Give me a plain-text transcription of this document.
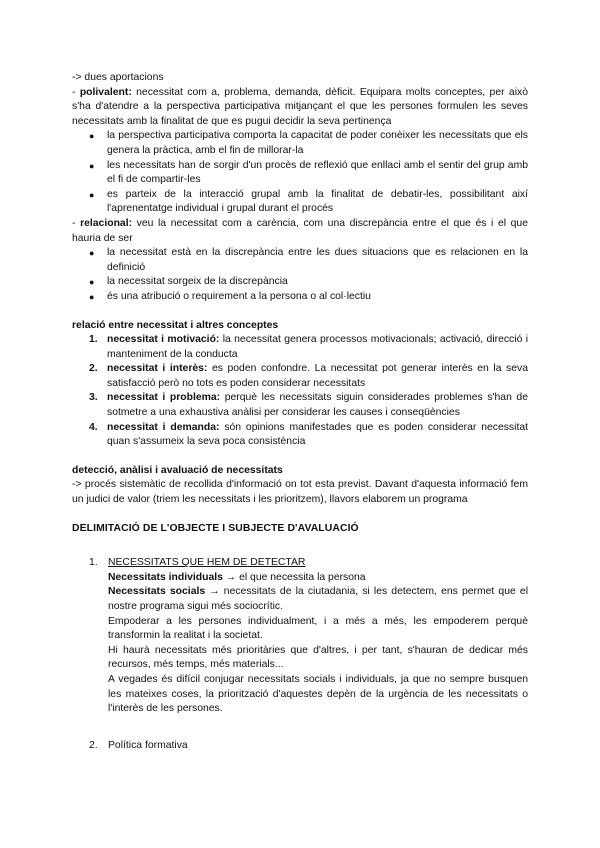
-> dues aportacions

- polivalent: necessitat com a, problema, demanda, dèficit. Equipara molts conceptes, per això s'ha d'atendre a la perspectiva participativa mitjançant el que les persones formulen les seves necessitats amb la finalitat de que es pugui decidir la seva pertinença

● la perspectiva participativa comporta la capacitat de poder conèixer les necessitats que els genera la pràctica, amb el fin de millorar-la
● les necessitats han de sorgir d'un procès de reflexió que enllaci amb el sentir del grup amb el fi de compartir-les
● es parteix de la interacció grupal amb la finalitat de debatir-les, possibilitant així l'aprenentatge individual i grupal durant el procés

- relacional: veu la necessitat com a carència, com una discrepància entre el que és i el que hauria de ser

● la necessitat està en la discrepància entre les dues situacions que es relacionen en la definició
● la necessitat sorgeix de la discrepància
● és una atribució o requirement a la persona o al col·lectiu

relació entre necessitat i altres conceptes

1. necessitat i motivació: la necessitat genera processos motivacionals; activació, direcció i manteniment de la conducta
2. necessitat i interès: es poden confondre. La necessitat pot generar interès en la seva satisfacció però no tots es poden considerar necessitats
3. necessitat i problema: perquè les necessitats siguin considerades problemes s'han de sotmetre a una exhaustiva anàlisi per considerar les causes i conseqüències
4. necessitat i demanda: són opinions manifestades que es poden considerar necessitat quan s'assumeix la seva poca consistència

detecció, anàlisi i avaluació de necessitats

-> procés sistemàtic de recollida d'informació on tot esta previst. Davant d'aquesta informació fem un judici de valor (triem les necessitats i les prioritzem), llavors elaborem un programa

DELIMITACIÓ DE L'OBJECTE I SUBJECTE D'AVALUACIÓ

1. NECESSITATS QUE HEM DE DETECTAR

Necessitats individuals → el que necessita la persona

Necessitats socials → necessitats de la ciutadania, si les detectem, ens permet que el nostre programa sigui més sociocrític.

Empoderar a les persones individualment, i a més a més, les empoderem perquè transformin la realitat i la societat.

Hi haurà necessitats més prioritàries que d'altres, i per tant, s'hauran de dedicar més recursos, més temps, més materials...

A vegades és difícil conjugar necessitats socials i individuals, ja que no sempre busquen les mateixes coses, la priorització d'aquestes depèn de la urgència de les necessitats o l'interès de les persones.

2. Política formativa
